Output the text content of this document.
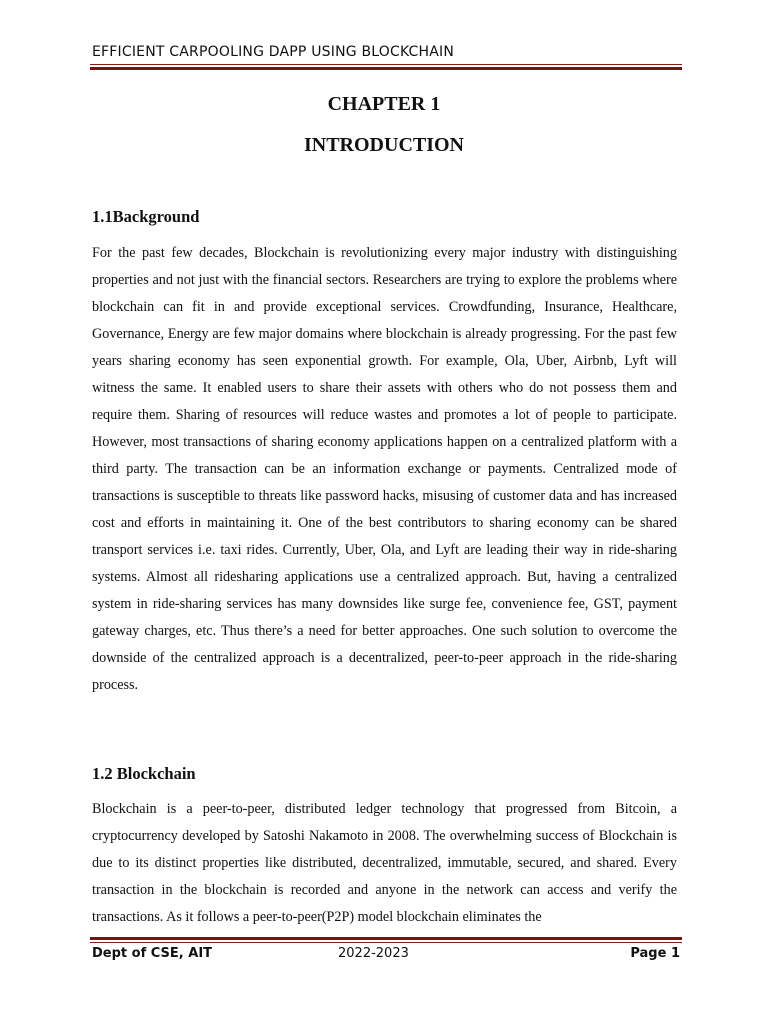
EFFICIENT CARPOOLING DAPP USING BLOCKCHAIN
CHAPTER 1
INTRODUCTION
1.1Background

For the past few decades, Blockchain is revolutionizing every major industry with distinguishing properties and not just with the financial sectors. Researchers are trying to explore the problems where blockchain can fit in and provide exceptional services. Crowdfunding, Insurance, Healthcare, Governance, Energy are few major domains where blockchain is already progressing. For the past few years sharing economy has seen exponential growth. For example, Ola, Uber, Airbnb, Lyft will witness the same. It enabled users to share their assets with others who do not possess them and require them. Sharing of resources will reduce wastes and promotes a lot of people to participate. However, most transactions of sharing economy applications happen on a centralized platform with a third party. The transaction can be an information exchange or payments. Centralized mode of transactions is susceptible to threats like password hacks, misusing of customer data and has increased cost and efforts in maintaining it. One of the best contributors to sharing economy can be shared transport services i.e. taxi rides. Currently, Uber, Ola, and Lyft are leading their way in ride-sharing systems. Almost all ridesharing applications use a centralized approach. But, having a centralized system in ride-sharing services has many downsides like surge fee, convenience fee, GST, payment gateway charges, etc. Thus there’s a need for better approaches. One such solution to overcome the downside of the centralized approach is a decentralized, peer-to-peer approach in the ride-sharing process.

1.2 Blockchain

Blockchain is a peer-to-peer, distributed ledger technology that progressed from Bitcoin, a cryptocurrency developed by Satoshi Nakamoto in 2008. The overwhelming success of Blockchain is due to its distinct properties like distributed, decentralized, immutable, secured, and shared. Every transaction in the blockchain is recorded and anyone in the network can access and verify the transactions. As it follows a peer-to-peer(P2P) model blockchain eliminates the

Dept of CSE, AIT	2022-2023	Page 1
